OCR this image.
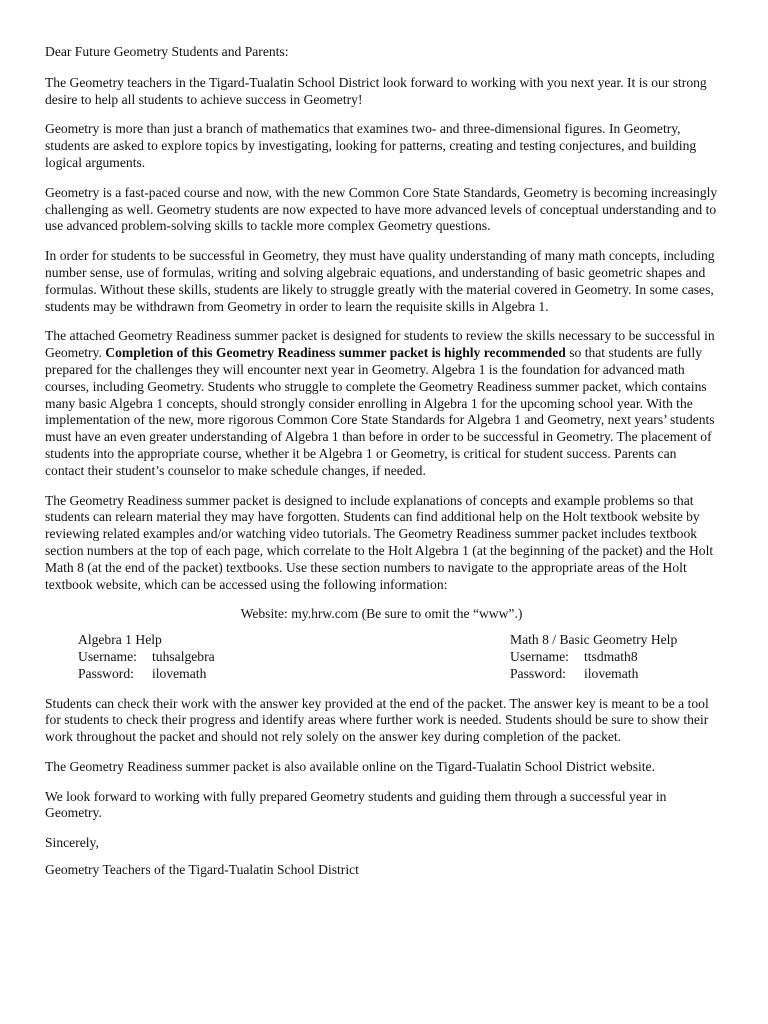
Dear Future Geometry Students and Parents:

The Geometry teachers in the Tigard-Tualatin School District look forward to working with you next year. It is our strong desire to help all students to achieve success in Geometry!

Geometry is more than just a branch of mathematics that examines two- and three-dimensional figures. In Geometry, students are asked to explore topics by investigating, looking for patterns, creating and testing conjectures, and building logical arguments.

Geometry is a fast-paced course and now, with the new Common Core State Standards, Geometry is becoming increasingly challenging as well. Geometry students are now expected to have more advanced levels of conceptual understanding and to use advanced problem-solving skills to tackle more complex Geometry questions.

In order for students to be successful in Geometry, they must have quality understanding of many math concepts, including number sense, use of formulas, writing and solving algebraic equations, and understanding of basic geometric shapes and formulas. Without these skills, students are likely to struggle greatly with the material covered in Geometry. In some cases, students may be withdrawn from Geometry in order to learn the requisite skills in Algebra 1.

The attached Geometry Readiness summer packet is designed for students to review the skills necessary to be successful in Geometry. Completion of this Geometry Readiness summer packet is highly recommended so that students are fully prepared for the challenges they will encounter next year in Geometry. Algebra 1 is the foundation for advanced math courses, including Geometry. Students who struggle to complete the Geometry Readiness summer packet, which contains many basic Algebra 1 concepts, should strongly consider enrolling in Algebra 1 for the upcoming school year. With the implementation of the new, more rigorous Common Core State Standards for Algebra 1 and Geometry, next years’ students must have an even greater understanding of Algebra 1 than before in order to be successful in Geometry. The placement of students into the appropriate course, whether it be Algebra 1 or Geometry, is critical for student success. Parents can contact their student’s counselor to make schedule changes, if needed.

The Geometry Readiness summer packet is designed to include explanations of concepts and example problems so that students can relearn material they may have forgotten. Students can find additional help on the Holt textbook website by reviewing related examples and/or watching video tutorials. The Geometry Readiness summer packet includes textbook section numbers at the top of each page, which correlate to the Holt Algebra 1 (at the beginning of the packet) and the Holt Math 8 (at the end of the packet) textbooks. Use these section numbers to navigate to the appropriate areas of the Holt textbook website, which can be accessed using the following information:

Website: my.hrw.com (Be sure to omit the “www”.)
Algebra 1 Help
Username: tuhsalgebra
Password: ilovemath
Math 8 / Basic Geometry Help
Username: ttsdmath8
Password: ilovemath

Students can check their work with the answer key provided at the end of the packet. The answer key is meant to be a tool for students to check their progress and identify areas where further work is needed. Students should be sure to show their work throughout the packet and should not rely solely on the answer key during completion of the packet.

The Geometry Readiness summer packet is also available online on the Tigard-Tualatin School District website.

We look forward to working with fully prepared Geometry students and guiding them through a successful year in Geometry.

Sincerely,

Geometry Teachers of the Tigard-Tualatin School District
